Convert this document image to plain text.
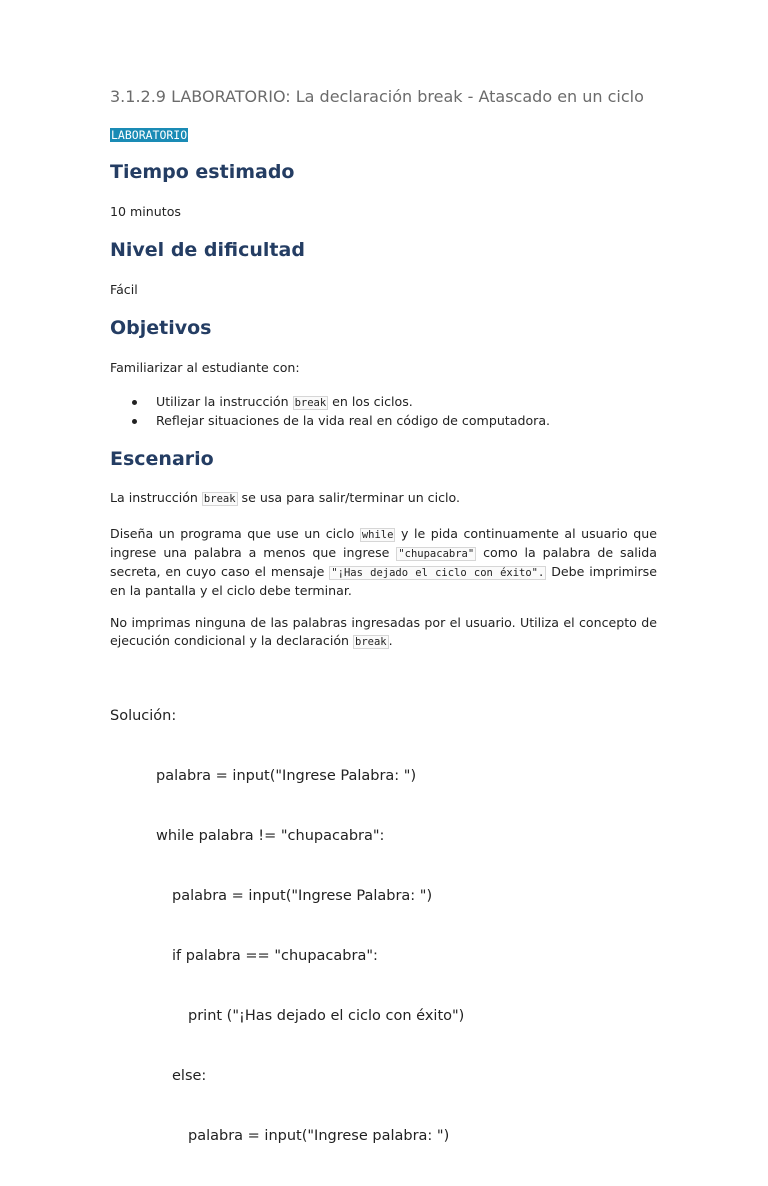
3.1.2.9 LABORATORIO: La declaración break - Atascado en un ciclo
LABORATORIO
Tiempo estimado
10 minutos
Nivel de dificultad
Fácil
Objetivos
Familiarizar al estudiante con:
Utilizar la instrucción break en los ciclos.
Reflejar situaciones de la vida real en código de computadora.
Escenario
La instrucción break se usa para salir/terminar un ciclo.
Diseña un programa que use un ciclo while y le pida continuamente al usuario que ingrese una palabra a menos que ingrese "chupacabra" como la palabra de salida secreta, en cuyo caso el mensaje "¡Has dejado el ciclo con éxito". Debe imprimirse en la pantalla y el ciclo debe terminar.
No imprimas ninguna de las palabras ingresadas por el usuario. Utiliza el concepto de ejecución condicional y la declaración break .

Solución:

palabra = input("Ingrese Palabra: ")

while palabra != "chupacabra":

palabra = input("Ingrese Palabra: ")

if palabra == "chupacabra":

print ("¡Has dejado el ciclo con éxito")

else:

palabra = input("Ingrese palabra: ")
